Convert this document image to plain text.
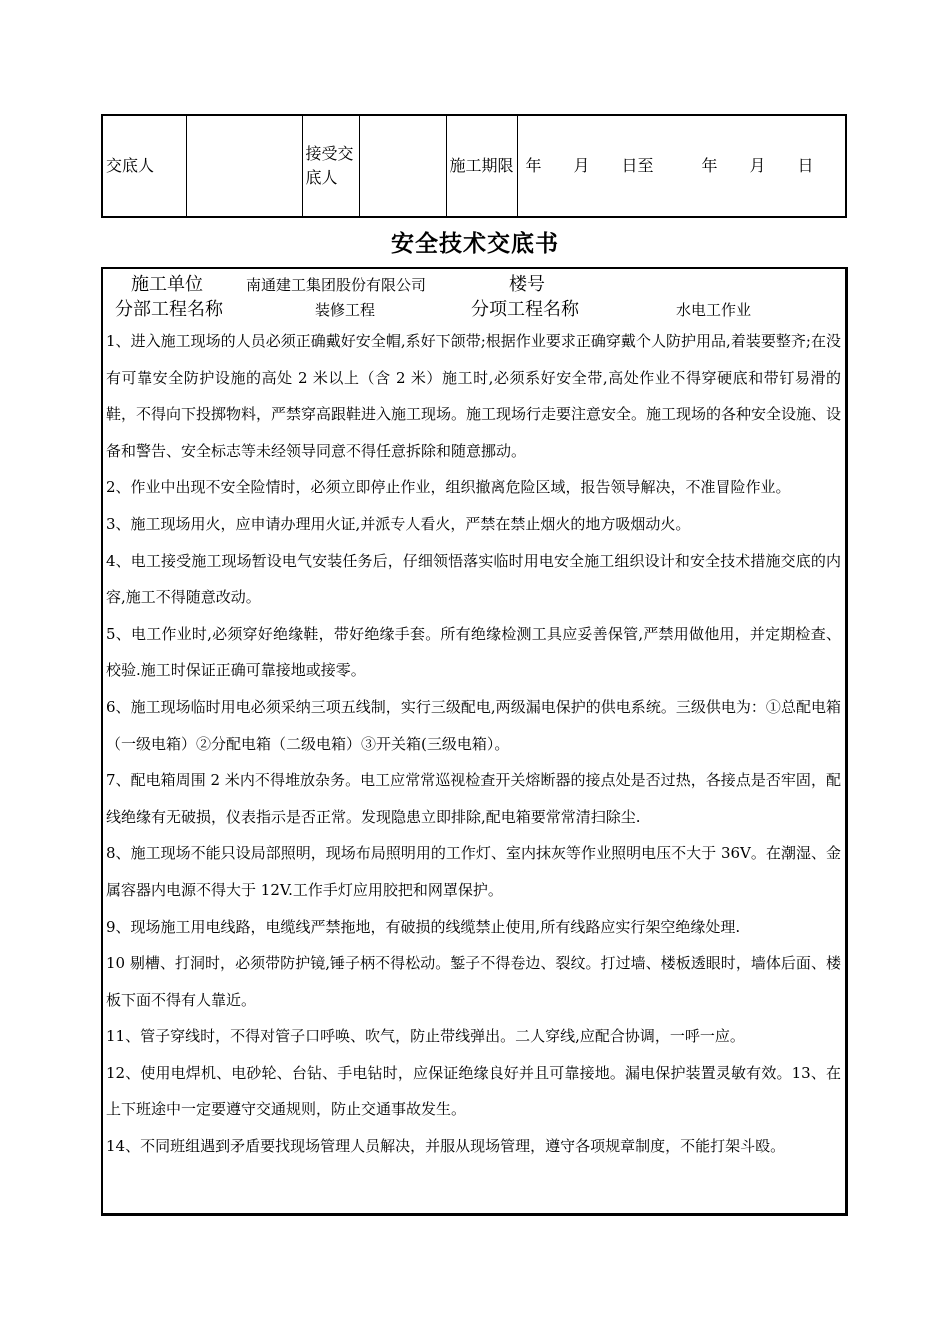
交底人		接受交
底人		施工期限	年　　月　　日至　　　年　　月　　日
安全技术交底书
施工单位	南通建工集团股份有限公司	楼号
分部工程名称	装修工程	分项工程名称	水电工作业

1、进入施工现场的人员必须正确戴好安全帽,系好下颌带;根据作业要求正确穿戴个人防护用品,着装要整齐;在没有可靠安全防护设施的高处 2 米以上（含 2 米）施工时,必须系好安全带,高处作业不得穿硬底和带钉易滑的鞋，不得向下投掷物料，严禁穿高跟鞋进入施工现场。施工现场行走要注意安全。施工现场的各种安全设施、设备和警告、安全标志等未经领导同意不得任意拆除和随意挪动。

2、作业中出现不安全险情时，必须立即停止作业，组织撤离危险区域，报告领导解决，不准冒险作业。

3、施工现场用火，应申请办理用火证,并派专人看火，严禁在禁止烟火的地方吸烟动火。

4、电工接受施工现场暂设电气安装任务后，仔细领悟落实临时用电安全施工组织设计和安全技术措施交底的内容,施工不得随意改动。

5、电工作业时,必须穿好绝缘鞋，带好绝缘手套。所有绝缘检测工具应妥善保管,严禁用做他用，并定期检查、校验.施工时保证正确可靠接地或接零。

6、施工现场临时用电必须采纳三项五线制，实行三级配电,两级漏电保护的供电系统。三级供电为：①总配电箱（一级电箱）②分配电箱（二级电箱）③开关箱(三级电箱）。

7、配电箱周围 2 米内不得堆放杂务。电工应常常巡视检查开关熔断器的接点处是否过热，各接点是否牢固，配线绝缘有无破损，仪表指示是否正常。发现隐患立即排除,配电箱要常常清扫除尘.

8、施工现场不能只设局部照明，现场布局照明用的工作灯、室内抹灰等作业照明电压不大于 36V。在潮湿、金属容器内电源不得大于 12V.工作手灯应用胶把和网罩保护。

9、现场施工用电线路，电缆线严禁拖地，有破损的线缆禁止使用,所有线路应实行架空绝缘处理.

10 剔槽、打洞时，必须带防护镜,锤子柄不得松动。錾子不得卷边、裂纹。打过墙、楼板透眼时，墙体后面、楼板下面不得有人靠近。

11、管子穿线时，不得对管子口呼唤、吹气，防止带线弹出。二人穿线,应配合协调，一呼一应。

12、使用电焊机、电砂轮、台钻、手电钻时，应保证绝缘良好并且可靠接地。漏电保护装置灵敏有效。13、在上下班途中一定要遵守交通规则，防止交通事故发生。

14、不同班组遇到矛盾要找现场管理人员解决，并服从现场管理，遵守各项规章制度，不能打架斗殴。
